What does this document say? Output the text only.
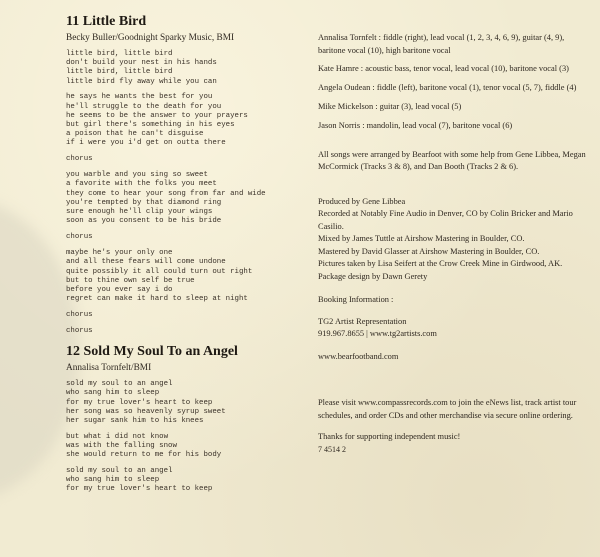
11 Little Bird
Becky Buller/Goodnight Sparky Music, BMI
little bird, little bird
don't build your nest in his hands
little bird, little bird
little bird fly away while you can
he says he wants the best for you
he'll struggle to the death for you
he seems to be the answer to your prayers
but girl there's something in his eyes
a poison that he can't disguise
if i were you i'd get on outta there
chorus
you warble and you sing so sweet
a favorite with the folks you meet
they come to hear your song from far and wide
you're tempted by that diamond ring
sure enough he'll clip your wings
soon as you consent to be his bride
chorus
maybe he's your only one
and all these fears will come undone
quite possibly it all could turn out right
but to thine own self be true
before you ever say i do
regret can make it hard to sleep at night
chorus
chorus
12 Sold My Soul To an Angel
Annalisa Tornfelt/BMI
sold my soul to an angel
who sang him to sleep
for my true lover's heart to keep
her song was so heavenly syrup sweet
her sugar sank him to his knees
but what i did not know
was with the falling snow
she would return to me for his body
sold my soul to an angel
who sang him to sleep
for my true lover's heart to keep

Annalisa Tornfelt : fiddle (right), lead vocal (1, 2, 3, 4, 6, 9), guitar (4, 9), baritone vocal (10), high baritone vocal

Kate Hamre : acoustic bass, tenor vocal, lead vocal (10), baritone vocal (3)

Angela Oudean : fiddle (left), baritone vocal (1), tenor vocal (5, 7), fiddle (4)

Mike Mickelson : guitar (3), lead vocal (5)

Jason Norris : mandolin, lead vocal (7), baritone vocal (6)

All songs were arranged by Bearfoot with some help from Gene Libbea, Megan McCormick (Tracks 3 & 8), and Dan Booth (Tracks 2 & 6).

Produced by Gene Libbea

Recorded at Notably Fine Audio in Denver, CO by Colin Bricker and Mario Casilio.

Mixed by James Tuttle at Airshow Mastering in Boulder, CO.

Mastered by David Glasser at Airshow Mastering in Boulder, CO.

Pictures taken by Lisa Seifert at the Crow Creek Mine in Girdwood, AK.

Package design by Dawn Gerety

Booking Information :

TG2 Artist Representation

919.967.8655 | www.tg2artists.com

www.bearfootband.com

Please visit www.compassrecords.com to join the eNews list, track artist tour schedules, and order CDs and other merchandise via secure online ordering.

Thanks for supporting independent music!

7 4514 2
